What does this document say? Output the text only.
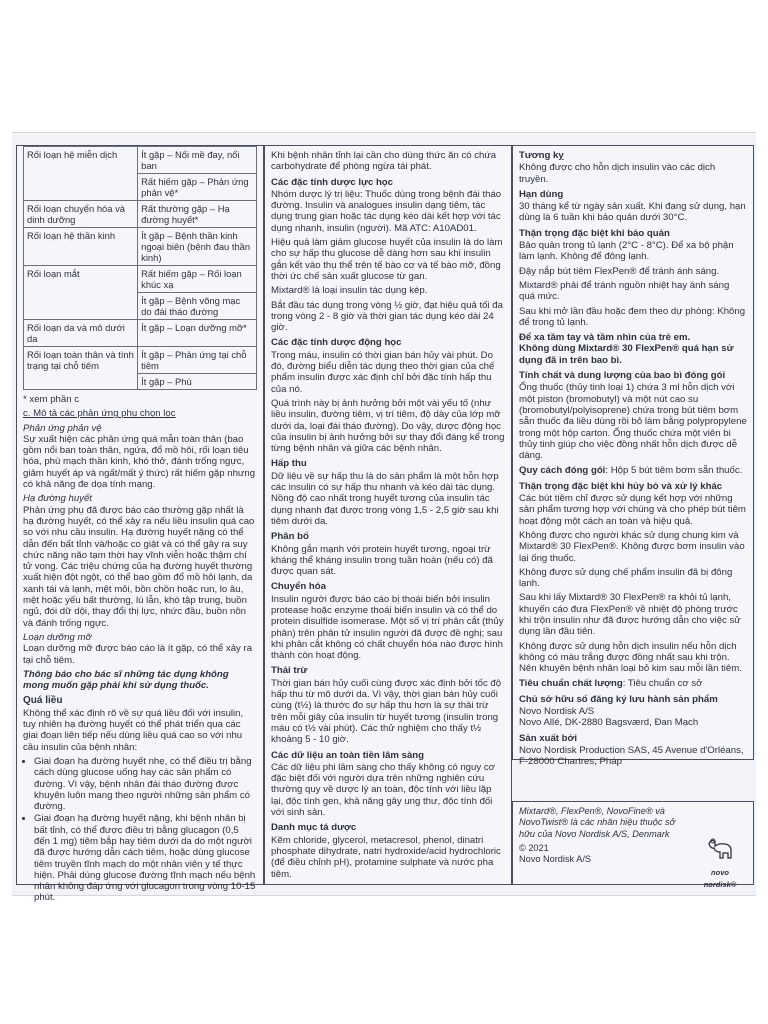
Rối loạn hệ miễn dịch	Ít gặp – Nổi mề đay, nổi ban
	Rất hiếm gặp – Phản ứng phản vệ*
Rối loạn chuyển hóa và dinh dưỡng	Rất thường gặp – Hạ đường huyết*
Rối loạn hệ thần kinh	Ít gặp – Bệnh thần kinh ngoại biên (bệnh đau thần kinh)
Rối loạn mắt	Rất hiếm gặp – Rối loạn khúc xạ
	Ít gặp – Bệnh võng mạc do đái tháo đường
Rối loạn da và mô dưới da	Ít gặp – Loạn dưỡng mỡ*
Rối loạn toàn thân và tình trạng tại chỗ tiêm	Ít gặp – Phản ứng tại chỗ tiêm
	Ít gặp – Phù

* xem phần c

c. Mô tả các phản ứng phụ chọn lọc

Phản ứng phản vệ

Sự xuất hiện các phản ứng quá mẫn toàn thân (bao gồm nổi ban toàn thân, ngứa, đổ mồ hôi, rối loạn tiêu hóa, phù mạch thần kinh, khó thở, đánh trống ngực, giảm huyết áp và ngất/mất ý thức) rất hiếm gặp nhưng có khả năng đe dọa tính mạng.

Hạ đường huyết

Phản ứng phụ đã được báo cáo thường gặp nhất là hạ đường huyết, có thể xảy ra nếu liều insulin quá cao so với nhu cầu insulin. Hạ đường huyết nặng có thể dẫn đến bất tỉnh và/hoặc co giật và có thể gây ra suy chức năng não tạm thời hay vĩnh viễn hoặc thậm chí tử vong. Các triệu chứng của hạ đường huyết thường xuất hiện đột ngột, có thể bao gồm đổ mồ hôi lạnh, da xanh tái và lạnh, mệt mỏi, bồn chồn hoặc run, lo âu, mệt hoặc yếu bất thường, lú lẫn, khó tập trung, buồn ngủ, đói dữ dội, thay đổi thị lực, nhức đầu, buồn nôn và đánh trống ngực.

Loạn dưỡng mỡ

Loạn dưỡng mỡ được báo cáo là ít gặp, có thể xảy ra tại chỗ tiêm.

Thông báo cho bác sĩ những tác dụng không mong muốn gặp phải khi sử dụng thuốc.

Quá liều

Không thể xác định rõ về sự quá liều đối với insulin, tuy nhiên hạ đường huyết có thể phát triển qua các giai đoạn liên tiếp nếu dùng liều quá cao so với nhu cầu insulin của bệnh nhân:

• Giai đoạn hạ đường huyết nhẹ, có thể điều trị bằng cách dùng glucose uống hay các sản phẩm có đường. Vì vậy, bệnh nhân đái tháo đường được khuyên luôn mang theo người những sản phẩm có đường.
• Giai đoạn hạ đường huyết nặng, khi bệnh nhân bị bất tỉnh, có thể được điều trị bằng glucagon (0,5 đến 1 mg) tiêm bắp hay tiêm dưới da do một người đã được hướng dẫn cách tiêm, hoặc dùng glucose tiêm truyền tĩnh mạch do một nhân viên y tế thực hiện. Phải dùng glucose đường tĩnh mạch nếu bệnh nhân không đáp ứng với glucagon trong vòng 10-15 phút.

Khi bệnh nhân tỉnh lại cần cho dùng thức ăn có chứa carbohydrate để phòng ngừa tái phát.

Các đặc tính dược lực học

Nhóm dược lý trị liệu: Thuốc dùng trong bệnh đái tháo đường. Insulin và analogues insulin dạng tiêm, tác dụng trung gian hoặc tác dụng kéo dài kết hợp với tác dụng nhanh, insulin (người). Mã ATC: A10AD01.

Hiệu quả làm giảm glucose huyết của insulin là do làm cho sự hấp thu glucose dễ dàng hơn sau khi insulin gắn kết vào thụ thể trên tế bào cơ và tế bào mỡ, đồng thời ức chế sản xuất glucose từ gan.

Mixtard® là loại insulin tác dụng kép.

Bắt đầu tác dụng trong vòng ½ giờ, đạt hiệu quả tối đa trong vòng 2 - 8 giờ và thời gian tác dụng kéo dài 24 giờ.

Các đặc tính dược động học

Trong máu, insulin có thời gian bán hủy vài phút. Do đó, đường biểu diễn tác dụng theo thời gian của chế phẩm insulin được xác định chỉ bởi đặc tính hấp thu của nó.

Quá trình này bị ảnh hưởng bởi một vài yếu tố (như liều insulin, đường tiêm, vị trí tiêm, độ dày của lớp mỡ dưới da, loại đái tháo đường). Do vậy, dược động học của insulin bị ảnh hưởng bởi sự thay đổi đáng kể trong từng bệnh nhân và giữa các bệnh nhân.

Hấp thu

Dữ liệu về sự hấp thu là do sản phẩm là một hỗn hợp các insulin có sự hấp thu nhanh và kéo dài tác dụng. Nồng độ cao nhất trong huyết tương của insulin tác dụng nhanh đạt được trong vòng 1,5 - 2,5 giờ sau khi tiêm dưới da.

Phân bố

Không gắn mạnh với protein huyết tương, ngoại trừ kháng thể kháng insulin trong tuần hoàn (nếu có) đã được quan sát.

Chuyển hóa

Insulin người được báo cáo bị thoái biến bởi insulin protease hoặc enzyme thoái biến insulin và có thể do protein disulfide isomerase. Một số vị trí phân cắt (thủy phân) trên phân tử insulin người đã được đề nghị; sau khi phân cắt không có chất chuyển hóa nào được hình thành còn hoạt động.

Thải trừ

Thời gian bán hủy cuối cùng được xác định bởi tốc độ hấp thu từ mô dưới da. Vì vậy, thời gian bán hủy cuối cùng (t½) là thước đo sự hấp thu hơn là sự thải trừ trên mỗi giây của insulin từ huyết tương (insulin trong máu có t½ vài phút). Các thử nghiệm cho thấy t½ khoảng 5 - 10 giờ.

Các dữ liệu an toàn tiền lâm sàng

Các dữ liệu phi lâm sàng cho thấy không có nguy cơ đặc biệt đối với người dựa trên những nghiên cứu thường quy về dược lý an toàn, độc tính với liều lặp lại, độc tính gen, khả năng gây ung thư, độc tính đối với sinh sản.

Danh mục tá dược

Kẽm chloride, glycerol, metacresol, phenol, dinatri phosphate dihydrate, natri hydroxide/acid hydrochloric (để điều chỉnh pH), protamine sulphate và nước pha tiêm.

Tương kỵ

Không được cho hỗn dịch insulin vào các dịch truyền.

Hạn dùng

30 tháng kể từ ngày sản xuất. Khi đang sử dụng, hạn dùng là 6 tuần khi bảo quản dưới 30°C.

Thận trọng đặc biệt khi bảo quản

Bảo quản trong tủ lạnh (2°C - 8°C). Để xa bộ phận làm lạnh. Không để đông lạnh.

Đậy nắp bút tiêm FlexPen® để tránh ánh sáng.

Mixtard® phải để tránh nguồn nhiệt hay ánh sáng quá mức.

Sau khi mở lần đầu hoặc đem theo dự phòng: Không để trong tủ lạnh.

Để xa tầm tay và tầm nhìn của trẻ em.

Không dùng Mixtard® 30 FlexPen® quá hạn sử dụng đã in trên bao bì.

Tính chất và dung lượng của bao bì đóng gói

Ống thuốc (thủy tinh loại 1) chứa 3 ml hỗn dịch với một piston (bromobutyl) và một nút cao su (bromobutyl/polyisoprene) chứa trong bút tiêm bơm sẵn thuốc đa liều dùng rồi bỏ làm bằng polypropylene trong một hộp carton. Ống thuốc chứa một viên bi thủy tinh giúp cho việc đồng nhất hỗn dịch được dễ dàng.

Quy cách đóng gói: Hộp 5 bút tiêm bơm sẵn thuốc.

Thận trọng đặc biệt khi hủy bỏ và xử lý khác

Các bút tiêm chỉ được sử dụng kết hợp với những sản phẩm tương hợp với chúng và cho phép bút tiêm hoạt động một cách an toàn và hiệu quả.

Không được cho người khác sử dụng chung kim và Mixtard® 30 FlexPen®. Không được bơm insulin vào lại ống thuốc.

Không được sử dụng chế phẩm insulin đã bị đông lạnh.

Sau khi lấy Mixtard® 30 FlexPen® ra khỏi tủ lạnh, khuyến cáo đưa FlexPen® về nhiệt độ phòng trước khi trộn insulin như đã được hướng dẫn cho việc sử dụng lần đầu tiên.

Không được sử dụng hỗn dịch insulin nếu hỗn dịch không có màu trắng được đồng nhất sau khi trộn. Nên khuyên bệnh nhân loại bỏ kim sau mỗi lần tiêm.

Tiêu chuẩn chất lượng: Tiêu chuẩn cơ sở

Chủ sở hữu số đăng ký lưu hành sản phẩm

Novo Nordisk A/S

Novo Allé, DK-2880 Bagsværd, Đan Mạch

Sản xuất bởi

Novo Nordisk Production SAS, 45 Avenue d'Orléans,

F-28000 Chartres, Pháp

Mixtard®, FlexPen®, NovoFine® và NovoTwist® là các nhãn hiệu thuộc sở hữu của Novo Nordisk A/S, Denmark

© 2021

Novo Nordisk A/S

novo nordisk®
